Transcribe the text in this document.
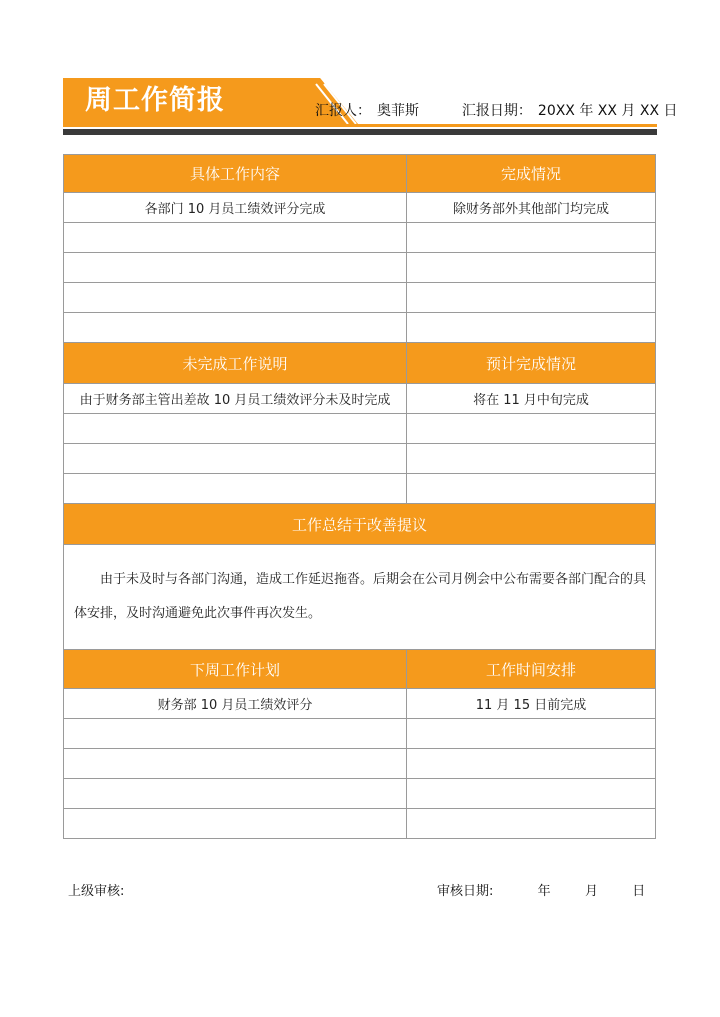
周工作简报	汇报人： 奥菲斯	汇报日期： 20XX 年 XX 月 XX 日
具体工作内容	完成情况
各部门 10 月员工绩效评分完成	除财务部外其他部门均完成

未完成工作说明	预计完成情况
由于财务部主管出差故 10 月员工绩效评分未及时完成	将在 11 月中旬完成

工作总结于改善提议	
由于未及时与各部门沟通，造成工作延迟拖沓。后期会在公司月例会中公布需要各部门配合的具体安排，及时沟通避免此次事件再次发生。	
下周工作计划	工作时间安排
财务部 10 月员工绩效评分	11 月 15 日前完成

上级审核:	审核日期:	年	月	日
